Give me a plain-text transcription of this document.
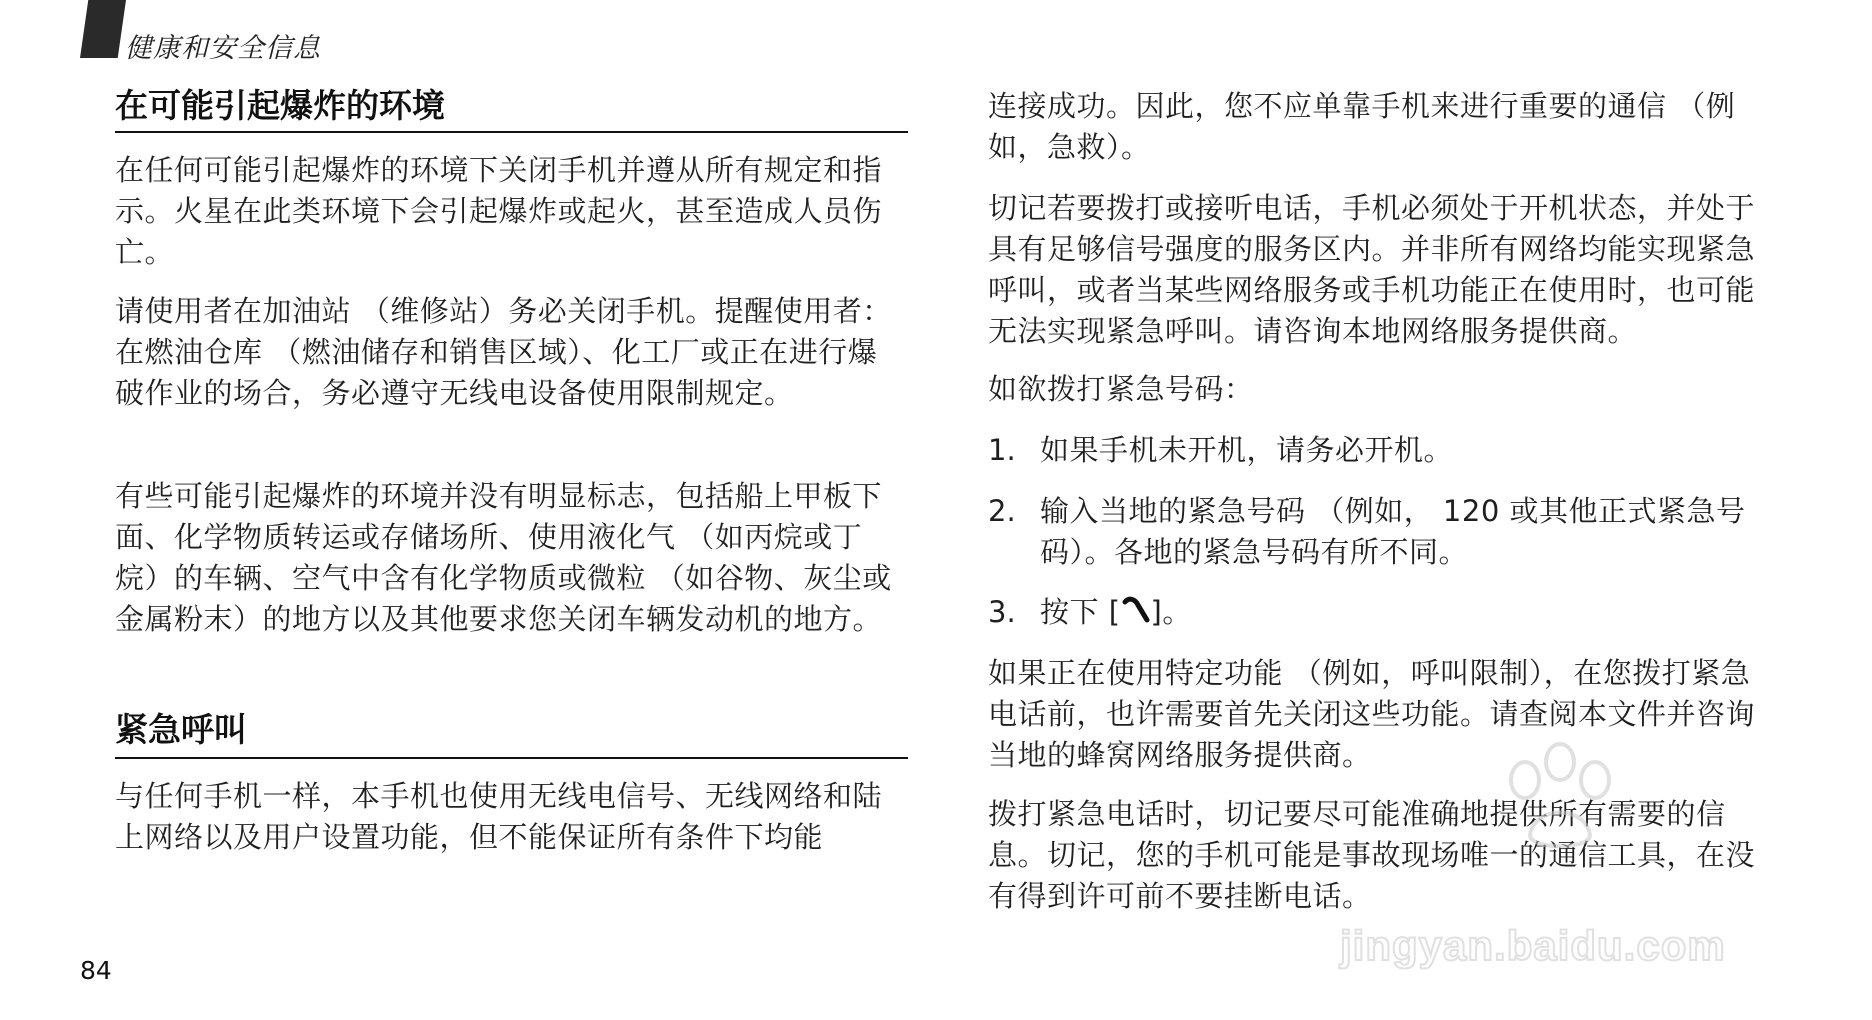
健康和安全信息
在可能引起爆炸的环境

在任何可能引起爆炸的环境下关闭手机并遵从所有规定和指示。火星在此类环境下会引起爆炸或起火，甚至造成人员伤亡。

请使用者在加油站 （维修站）务必关闭手机。提醒使用者：在燃油仓库 （燃油储存和销售区域）、化工厂或正在进行爆破作业的场合，务必遵守无线电设备使用限制规定。

有些可能引起爆炸的环境并没有明显标志，包括船上甲板下面、化学物质转运或存储场所、使用液化气 （如丙烷或丁烷）的车辆、空气中含有化学物质或微粒 （如谷物、灰尘或金属粉末）的地方以及其他要求您关闭车辆发动机的地方。

紧急呼叫

与任何手机一样，本手机也使用无线电信号、无线网络和陆上网络以及用户设置功能，但不能保证所有条件下均能

连接成功。因此，您不应单靠手机来进行重要的通信 （例如，急救）。

切记若要拨打或接听电话，手机必须处于开机状态，并处于具有足够信号强度的服务区内。并非所有网络均能实现紧急呼叫，或者当某些网络服务或手机功能正在使用时，也可能无法实现紧急呼叫。请咨询本地网络服务提供商。

如欲拨打紧急号码：

1. 如果手机未开机，请务必开机。
2. 输入当地的紧急号码 （例如， 120 或其他正式紧急号码）。各地的紧急号码有所不同。
3. 按下 [ ]。

如果正在使用特定功能 （例如，呼叫限制），在您拨打紧急电话前，也许需要首先关闭这些功能。请查阅本文件并咨询当地的蜂窝网络服务提供商。

拨打紧急电话时，切记要尽可能准确地提供所有需要的信息。切记，您的手机可能是事故现场唯一的通信工具，在没有得到许可前不要挂断电话。

84
jingyan.baidu.com
